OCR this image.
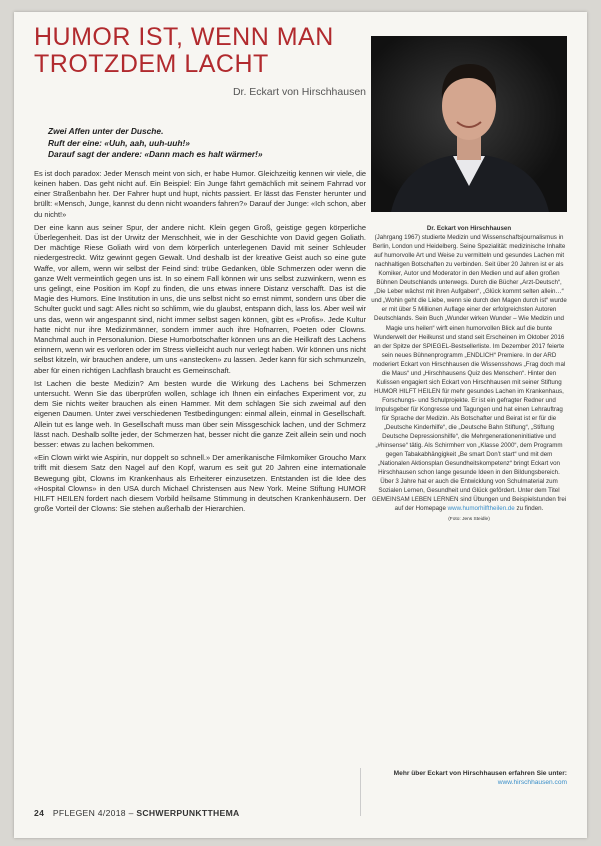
HUMOR IST, WENN MAN TROTZDEM LACHT
Dr. Eckart von Hirschhausen
Zwei Affen unter der Dusche.
Ruft der eine: «Uuh, aah, uuh-uuh!»
Darauf sagt der andere: «Dann mach es halt wärmer!»

Es ist doch paradox: Jeder Mensch meint von sich, er habe Humor. Gleichzeitig kennen wir viele, die keinen haben. Das geht nicht auf. Ein Beispiel: Ein Junge fährt gemächlich mit seinem Fahrrad vor einer Straßenbahn her. Der Fahrer hupt und hupt, nichts passiert. Er lässt das Fenster herunter und brüllt: «Mensch, Junge, kannst du denn nicht woanders fahren?» Darauf der Junge: «Ich schon, aber du nicht!»

Der eine kann aus seiner Spur, der andere nicht. Klein gegen Groß, geistige gegen körperliche Überlegenheit. Das ist der Urwitz der Menschheit, wie in der Geschichte von David gegen Goliath. Der mächtige Riese Goliath wird von dem körperlich unterlegenen David mit seiner Schleuder niedergestreckt. Witz gewinnt gegen Gewalt. Und deshalb ist der kreative Geist auch so eine gute Waffe, vor allem, wenn wir selbst der Feind sind: trübe Gedanken, üble Schmerzen oder wenn die ganze Welt vermeintlich gegen uns ist. In so einem Fall können wir uns selbst zuzwinkern, wenn es uns gelingt, eine Position im Kopf zu finden, die uns etwas innere Distanz verschafft. Das ist die Magie des Humors. Eine Institution in uns, die uns selbst nicht so ernst nimmt, sondern uns über die Schulter guckt und sagt: Alles nicht so schlimm, wie du glaubst, entspann dich, lass los. Aber weil wir uns das, wenn wir angespannt sind, nicht immer selbst sagen können, gibt es «Profis». Jede Kultur hatte nicht nur ihre Medizinmänner, sondern immer auch ihre Hofnarren, Poeten oder Clowns. Manchmal auch in Personalunion. Diese Humorbotschafter können uns an die Heilkraft des Lachens erinnern, wenn wir es verloren oder im Stress vielleicht auch nur verlegt haben. Wir können uns nicht selbst kitzeln, wir brauchen andere, um uns «anstecken» zu lassen. Jeder kann für sich schmunzeln, aber für einen richtigen Lachflash braucht es Gemeinschaft.

Ist Lachen die beste Medizin? Am besten wurde die Wirkung des Lachens bei Schmerzen untersucht. Wenn Sie das überprüfen wollen, schlage ich Ihnen ein einfaches Experiment vor, zu dem Sie nichts weiter brauchen als einen Hammer. Mit dem schlagen Sie sich zweimal auf den eigenen Daumen. Unter zwei verschiedenen Testbedingungen: einmal allein, einmal in Gesellschaft. Allein tut es lange weh. In Gesellschaft muss man über sein Missgeschick lachen, und der Schmerz lässt nach. Deshalb sollte jeder, der Schmerzen hat, besser nicht die ganze Zeit allein sein und noch besser: etwas zu lachen bekommen.

«Ein Clown wirkt wie Aspirin, nur doppelt so schnell.» Der amerikanische Filmkomiker Groucho Marx trifft mit diesem Satz den Nagel auf den Kopf, warum es seit gut 20 Jahren eine internationale Bewegung gibt, Clowns im Krankenhaus als Erheiterer einzusetzen. Entstanden ist die Idee des «Hospital Clowns» in den USA durch Michael Christensen aus New York. Meine Stiftung HUMOR HILFT HEILEN fordert nach diesem Vorbild heilsame Stimmung in deutschen Krankenhäusern. Der große Vorteil der Clowns: Sie stehen außerhalb der Hierarchien.

Dr. Eckart von Hirschhausen
(Jahrgang 1967) studierte Medizin und Wissenschaftsjournalismus in Berlin, London und Heidelberg. Seine Spezialität: medizinische Inhalte auf humorvolle Art und Weise zu vermitteln und gesundes Lachen mit nachhaltigen Botschaften zu verbinden. Seit über 20 Jahren ist er als Komiker, Autor und Moderator in den Medien und auf allen großen Bühnen Deutschlands unterwegs. Durch die Bücher „Arzt-Deutsch“, „Die Leber wächst mit ihren Aufgaben“, „Glück kommt selten allein…“ und „Wohin geht die Liebe, wenn sie durch den Magen durch ist“ wurde er mit über 5 Millionen Auflage einer der erfolgreichsten Autoren Deutschlands. Sein Buch „Wunder wirken Wunder – Wie Medizin und Magie uns heilen“ wirft einen humorvollen Blick auf die bunte Wunderwelt der Heilkunst und stand seit Erscheinen im Oktober 2016 an der Spitze der SPIEGEL-Bestsellerliste. Im Dezember 2017 feierte sein neues Bühnenprogramm „ENDLICH“ Premiere. In der ARD moderiert Eckart von Hirschhausen die Wissensshows „Frag doch mal die Maus“ und „Hirschhausens Quiz des Menschen“. Hinter den Kulissen engagiert sich Eckart von Hirschhausen mit seiner Stiftung HUMOR HILFT HEILEN für mehr gesundes Lachen im Krankenhaus, Forschungs- und Schulprojekte. Er ist ein gefragter Redner und Impulsgeber für Kongresse und Tagungen und hat einen Lehrauftrag für Sprache der Medizin. Als Botschafter und Beirat ist er für die „Deutsche Kinderhilfe“, die „Deutsche Bahn Stiftung“, „Stiftung Deutsche Depressionshilfe“, die Mehrgenerationeninitiative und „#hinsense“ tätig. Als Schirmherr von „Klasse 2000“, dem Programm gegen Tabakabhängigkeit „Be smart Don’t start“ und mit dem „Nationalen Aktionsplan Gesundheitskompetenz“ bringt Eckart von Hirschhausen schon lange gesunde Ideen in den Bildungsbereich. Über 3 Jahre hat er auch die Entwicklung von Schulmaterial zum Sozialen Lernen, Gesundheit und Glück gefördert. Unter dem Titel GEMEINSAM LEBEN LERNEN sind Übungen und Beispielstunden frei auf der Homepage www.humorhilftheilen.de zu finden.
(Foto: Jens Steidle)
Mehr über Eckart von Hirschhausen erfahren Sie unter:
www.hirschhausen.com
24 PFLEGEN 4/2018 – SCHWERPUNKTTHEMA
